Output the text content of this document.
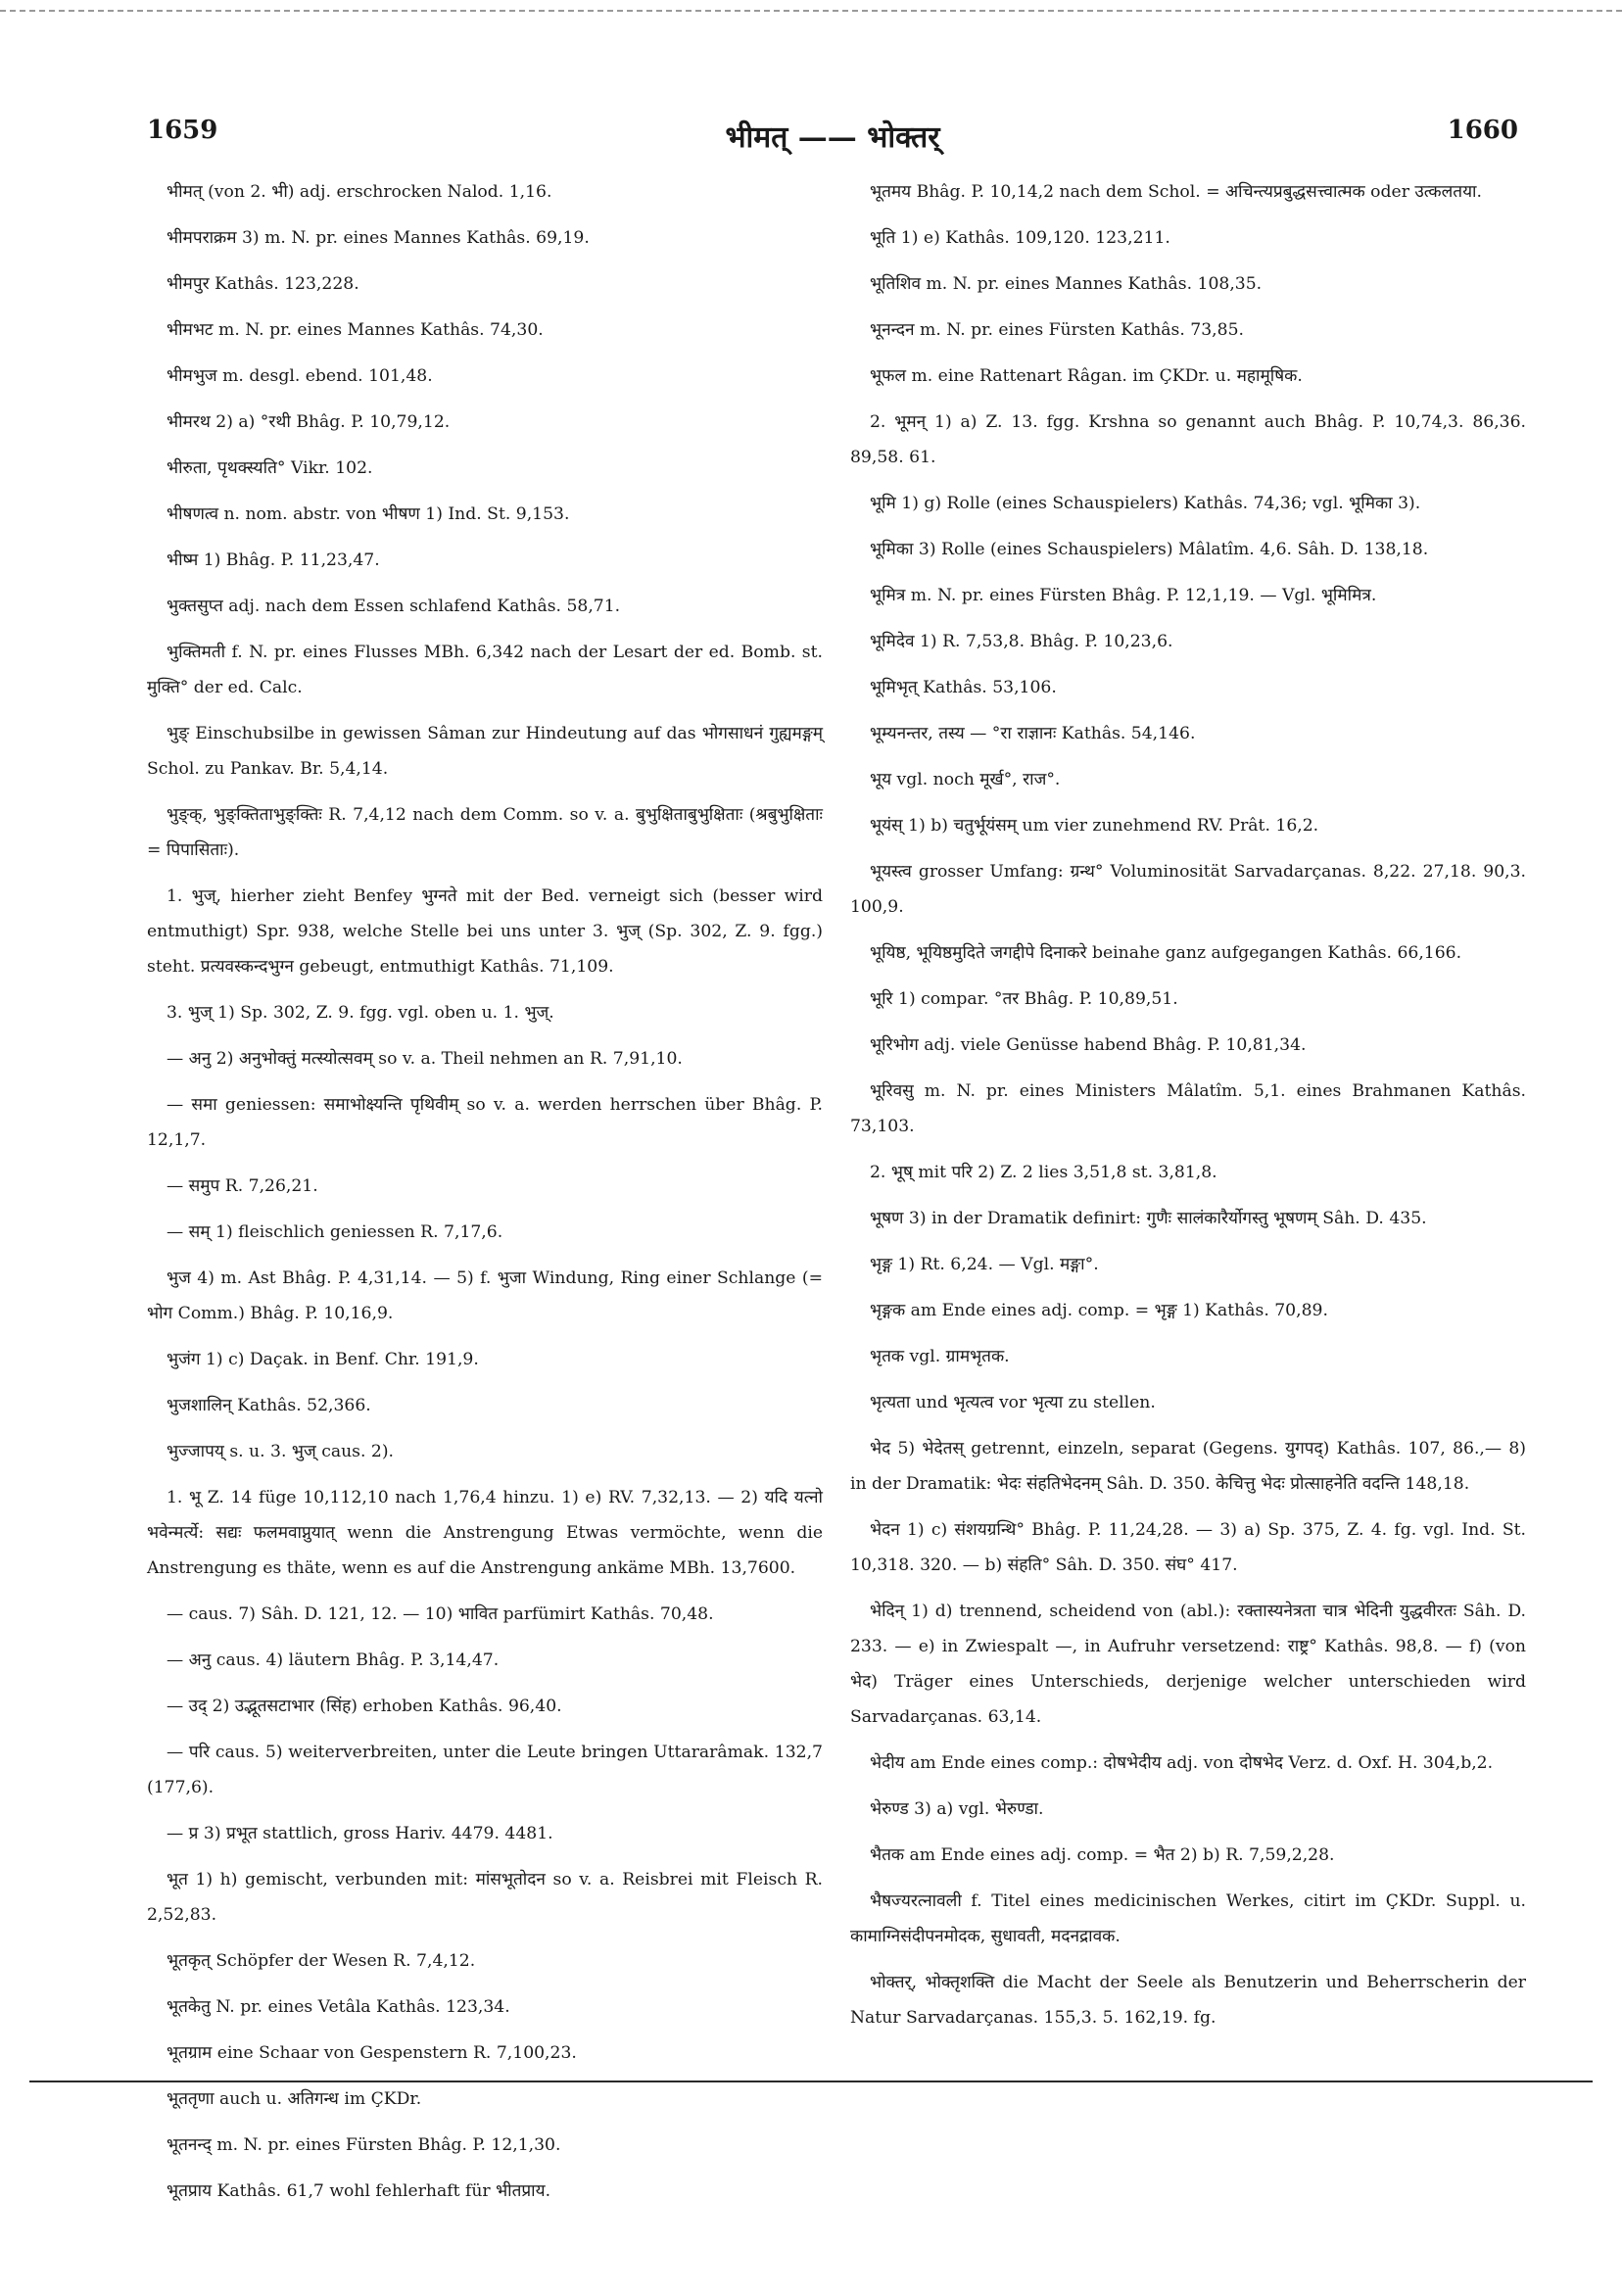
1659	भीमत् —— भोक्तर्	1660

भीमत् (von 2. भी) adj. erschrocken Nalod. 1,16.

भीमपराक्रम 3) m. N. pr. eines Mannes Kathâs. 69,19.

भीमपुर Kathâs. 123,228.

भीमभट m. N. pr. eines Mannes Kathâs. 74,30.

भीमभुज m. desgl. ebend. 101,48.

भीमरथ 2) a) °रथी Bhâg. P. 10,79,12.

भीरुता, पृथक्स्यति° Vikr. 102.

भीषणत्व n. nom. abstr. von भीषण 1) Ind. St. 9,153.

भीष्म 1) Bhâg. P. 11,23,47.

भुक्तसुप्त adj. nach dem Essen schlafend Kathâs. 58,71.

भुक्तिमती f. N. pr. eines Flusses MBh. 6,342 nach der Lesart der ed. Bomb. st. मुक्ति° der ed. Calc.

भुङ् Einschubsilbe in gewissen Sâman zur Hindeutung auf das भोगसाधनं गुह्यमङ्गम् Schol. zu Pankav. Br. 5,4,14.

भुङ्क्, भुङ्क्तिताभुङ्क्तिः R. 7,4,12 nach dem Comm. so v. a. बुभुक्षिताबुभुक्षिताः (श्रबुभुक्षिताः = पिपासिताः).

1. भुज्, hierher zieht Benfey भुग्नते mit der Bed. verneigt sich (besser wird entmuthigt) Spr. 938, welche Stelle bei uns unter 3. भुज् (Sp. 302, Z. 9. fgg.) steht. प्रत्यवस्कन्दभुग्न gebeugt, entmuthigt Kathâs. 71,109.

3. भुज् 1) Sp. 302, Z. 9. fgg. vgl. oben u. 1. भुज्.

— अनु 2) अनुभोक्तुं मत्स्योत्सवम् so v. a. Theil nehmen an R. 7,91,10.

— समा geniessen: समाभोक्ष्यन्ति पृथिवीम् so v. a. werden herrschen über Bhâg. P. 12,1,7.

— समुप R. 7,26,21.

— सम् 1) fleischlich geniessen R. 7,17,6.

भुज 4) m. Ast Bhâg. P. 4,31,14. — 5) f. भुजा Windung, Ring einer Schlange (= भोग Comm.) Bhâg. P. 10,16,9.

भुजंग 1) c) Daçak. in Benf. Chr. 191,9.

भुजशालिन् Kathâs. 52,366.

भुज्जापय् s. u. 3. भुज् caus. 2).

1. भू Z. 14 füge 10,112,10 nach 1,76,4 hinzu. 1) e) RV. 7,32,13. — 2) यदि यत्नो भवेन्मर्त्ये: सद्यः फलमवाप्नुयात् wenn die Anstrengung Etwas vermöchte, wenn die Anstrengung es thäte, wenn es auf die Anstrengung ankäme MBh. 13,7600.

— caus. 7) Sâh. D. 121, 12. — 10) भावित parfümirt Kathâs. 70,48.

— अनु caus. 4) läutern Bhâg. P. 3,14,47.

— उद् 2) उद्भूतसटाभार (सिंह) erhoben Kathâs. 96,40.

— परि caus. 5) weiterverbreiten, unter die Leute bringen Uttararâmak. 132,7 (177,6).

— प्र 3) प्रभूत stattlich, gross Hariv. 4479. 4481.

भूत 1) h) gemischt, verbunden mit: मांसभूतोदन so v. a. Reisbrei mit Fleisch R. 2,52,83.

भूतकृत् Schöpfer der Wesen R. 7,4,12.

भूतकेतु N. pr. eines Vetâla Kathâs. 123,34.

भूतग्राम eine Schaar von Gespenstern R. 7,100,23.

भूततृणा auch u. अतिगन्ध im ÇKDr.

भूतनन्द् m. N. pr. eines Fürsten Bhâg. P. 12,1,30.

भूतप्राय Kathâs. 61,7 wohl fehlerhaft für भीतप्राय.

भूतमय Bhâg. P. 10,14,2 nach dem Schol. = अचिन्त्यप्रबुद्धसत्त्वात्मक oder उत्कलतया.

भूति 1) e) Kathâs. 109,120. 123,211.

भूतिशिव m. N. pr. eines Mannes Kathâs. 108,35.

भूनन्दन m. N. pr. eines Fürsten Kathâs. 73,85.

भूफल m. eine Rattenart Râgan. im ÇKDr. u. महामूषिक.

2. भूमन् 1) a) Z. 13. fgg. Krshna so genannt auch Bhâg. P. 10,74,3. 86,36. 89,58. 61.

भूमि 1) g) Rolle (eines Schauspielers) Kathâs. 74,36; vgl. भूमिका 3).

भूमिका 3) Rolle (eines Schauspielers) Mâlatîm. 4,6. Sâh. D. 138,18.

भूमित्र m. N. pr. eines Fürsten Bhâg. P. 12,1,19. — Vgl. भूमिमित्र.

भूमिदेव 1) R. 7,53,8. Bhâg. P. 10,23,6.

भूमिभृत् Kathâs. 53,106.

भूम्यनन्तर, तस्य — °रा राज्ञानः Kathâs. 54,146.

भूय vgl. noch मूर्ख°, राज°.

भूयंस् 1) b) चतुर्भूयंसम् um vier zunehmend RV. Prât. 16,2.

भूयस्त्व grosser Umfang: ग्रन्थ° Voluminosität Sarvadarçanas. 8,22. 27,18. 90,3. 100,9.

भूयिष्ठ, भूयिष्ठमुदिते जगद्दीपे दिनाकरे beinahe ganz aufgegangen Kathâs. 66,166.

भूरि 1) compar. °तर Bhâg. P. 10,89,51.

भूरिभोग adj. viele Genüsse habend Bhâg. P. 10,81,34.

भूरिवसु m. N. pr. eines Ministers Mâlatîm. 5,1. eines Brahmanen Kathâs. 73,103.

2. भूष् mit परि 2) Z. 2 lies 3,51,8 st. 3,81,8.

भूषण 3) in der Dramatik definirt: गुणैः सालंकारैर्योगस्तु भूषणम् Sâh. D. 435.

भृङ्ग 1) Rt. 6,24. — Vgl. मङ्गा°.

भृङ्गक am Ende eines adj. comp. = भृङ्ग 1) Kathâs. 70,89.

भृतक vgl. ग्रामभृतक.

भृत्यता und भृत्यत्व vor भृत्या zu stellen.

भेद 5) भेदेतस् getrennt, einzeln, separat (Gegens. युगपद्) Kathâs. 107, 86.,— 8) in der Dramatik: भेदः संहतिभेदनम् Sâh. D. 350. केचित्तु भेदः प्रोत्साहनेति वदन्ति 148,18.

भेदन 1) c) संशयग्रन्थि° Bhâg. P. 11,24,28. — 3) a) Sp. 375, Z. 4. fg. vgl. Ind. St. 10,318. 320. — b) संहति° Sâh. D. 350. संघ° 417.

भेदिन् 1) d) trennend, scheidend von (abl.): रक्तास्यनेत्रता चात्र भेदिनी युद्धवीरतः Sâh. D. 233. — e) in Zwiespalt —, in Aufruhr versetzend: राष्ट्र° Kathâs. 98,8. — f) (von भेद) Träger eines Unterschieds, derjenige welcher unterschieden wird Sarvadarçanas. 63,14.

भेदीय am Ende eines comp.: दोषभेदीय adj. von दोषभेद Verz. d. Oxf. H. 304,b,2.

भेरुण्ड 3) a) vgl. भेरुण्डा.

भैतक am Ende eines adj. comp. = भैत 2) b) R. 7,59,2,28.

भैषज्यरत्नावली f. Titel eines medicinischen Werkes, citirt im ÇKDr. Suppl. u. कामाग्निसंदीपनमोदक, सुधावती, मदनद्रावक.

भोक्तर्, भोक्तृशक्ति die Macht der Seele als Benutzerin und Beherrscherin der Natur Sarvadarçanas. 155,3. 5. 162,19. fg.
